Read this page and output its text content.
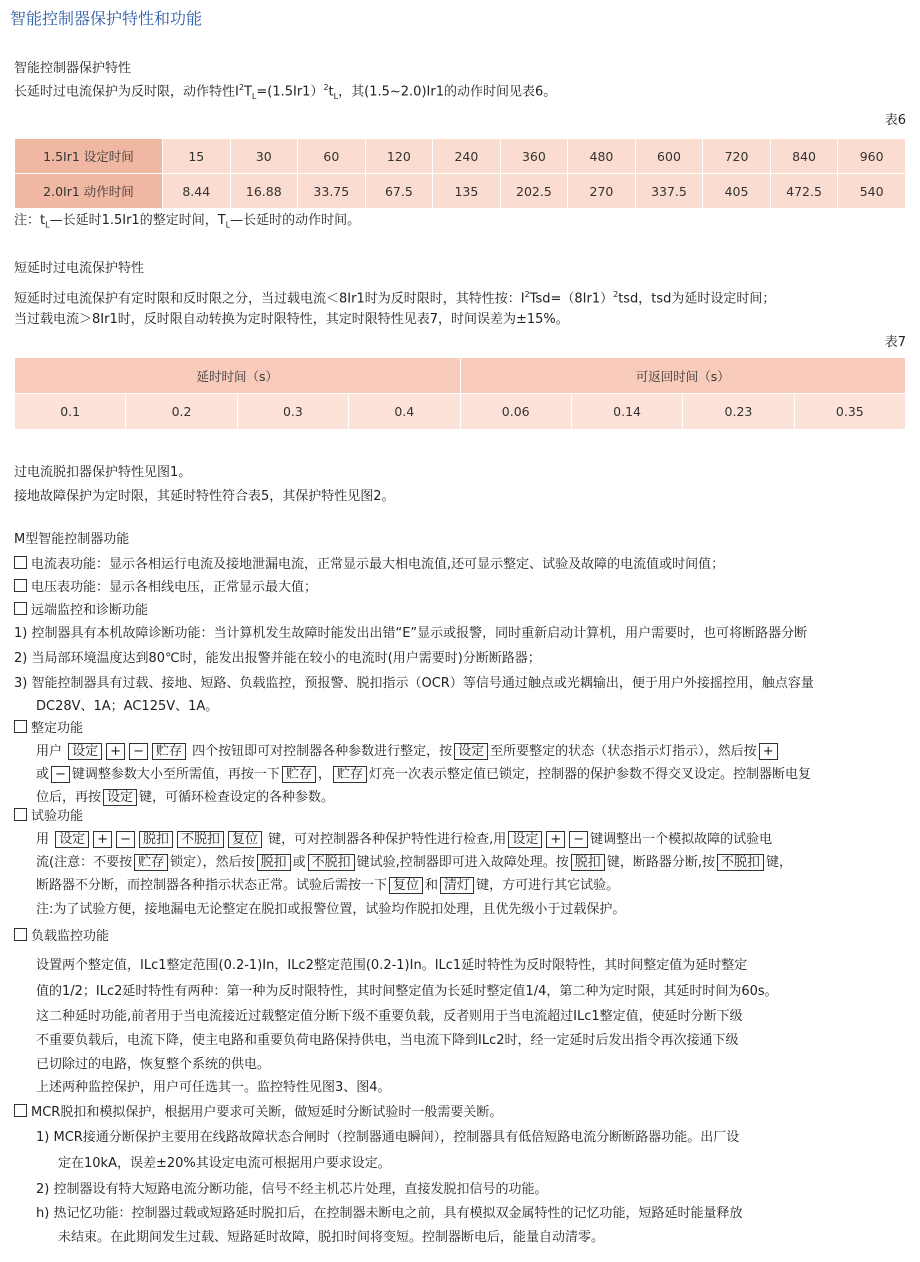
智能控制器保护特性和功能
智能控制器保护特性
长延时过电流保护为反时限，动作特性$I^2T_L=(1.5Ir1)^2t_L$，其(1.5~2.0)Ir1的动作时间见表6。
表6
1.5Ir1 设定时间	15	30	60	120	240	360	480	600	720	840	960
2.0Ir1 动作时间	8.44	16.88	33.75	67.5	135	202.5	270	337.5	405	472.5	540
注：$t_L—$长延时1.5Ir1的整定时间，$T_L—$长延时的动作时间。
短延时过电流保护特性
短延时过电流保护有定时限和反时限之分，当过载电流＜8Ir1时为反时限时，其特性按：$I^2Tsd=(8Ir1)^2tsd$，tsd为延时设定时间；
当过载电流＞8Ir1时，反时限自动转换为定时限特性，其定时限特性见表7，时间误差为±15%。
表7
延时时间（s）				可返回时间（s）			
0.1	0.2	0.3	0.4	0.06	0.14	0.23	0.35
过电流脱扣器保护特性见图1。
接地故障保护为定时限，其延时特性符合表5，其保护特性见图2。
M型智能控制器功能
电流表功能：显示各相运行电流及接地泄漏电流，正常显示最大相电流值,还可显示整定、试验及故障的电流值或时间值；
电压表功能：显示各相线电压，正常显示最大值；
远端监控和诊断功能
1) 控制器具有本机故障诊断功能：当计算机发生故障时能发出出错“E”显示或报警，同时重新启动计算机，用户需要时，也可将断路器分断
2) 当局部环境温度达到80℃时，能发出报警并能在较小的电流时(用户需要时)分断断路器；
3) 智能控制器具有过载、接地、短路、负载监控，预报警、脱扣指示（OCR）等信号通过触点或光耦输出，便于用户外接摇控用，触点容量
DC28V、1A；AC125V、1A。
整定功能
用户 设定 + − 贮存 四个按钮即可对控制器各种参数进行整定，按 设定 至所要整定的状态（状态指示灯指示），然后按 +
或 − 键调整参数大小至所需值，再按一下 贮存 ， 贮存 灯亮一次表示整定值已锁定，控制器的保护参数不得交叉设定。控制器断电复
位后，再按 设定 键，可循环检查设定的各种参数。
试验功能
用 设定 + − 脱扣 不脱扣 复位 键，可对控制器各种保护特性进行检查,用 设定 + − 键调整出一个模拟故障的试验电
流(注意：不要按 贮存 锁定），然后按 脱扣 或 不脱扣 键试验,控制器即可进入故障处理。按 脱扣 键，断路器分断,按 不脱扣 键，
断路器不分断，而控制器各种指示状态正常。试验后需按一下 复位 和 清灯 键，方可进行其它试验。
注:为了试验方便，接地漏电无论整定在脱扣或报警位置，试验均作脱扣处理，且优先级小于过载保护。
负载监控功能
设置两个整定值，ILc1整定范围(0.2-1)In，ILc2整定范围(0.2-1)In。ILc1延时特性为反时限特性，其时间整定值为延时整定
值的1/2；ILc2延时特性有两种：第一种为反时限特性，其时间整定值为长延时整定值1/4，第二种为定时限，其延时时间为60s。
这二种延时功能,前者用于当电流接近过载整定值分断下级不重要负载，反者则用于当电流超过ILc1整定值，使延时分断下级
不重要负载后，电流下降，使主电路和重要负荷电路保持供电，当电流下降到ILc2时，经一定延时后发出指令再次接通下级
已切除过的电路，恢复整个系统的供电。
上述两种监控保护，用户可任选其一。监控特性见图3、图4。
MCR脱扣和模拟保护，根据用户要求可关断，做短延时分断试验时一般需要关断。
1) MCR接通分断保护主要用在线路故障状态合闸时（控制器通电瞬间），控制器具有低倍短路电流分断断路器功能。出厂设
定在10kA，误差±20%其设定电流可根据用户要求设定。
2) 控制器设有特大短路电流分断功能，信号不经主机芯片处理，直接发脱扣信号的功能。
h) 热记忆功能：控制器过载或短路延时脱扣后，在控制器未断电之前，具有模拟双金属特性的记忆功能，短路延时能量释放
未结束。在此期间发生过载、短路延时故障，脱扣时间将变短。控制器断电后，能量自动清零。
